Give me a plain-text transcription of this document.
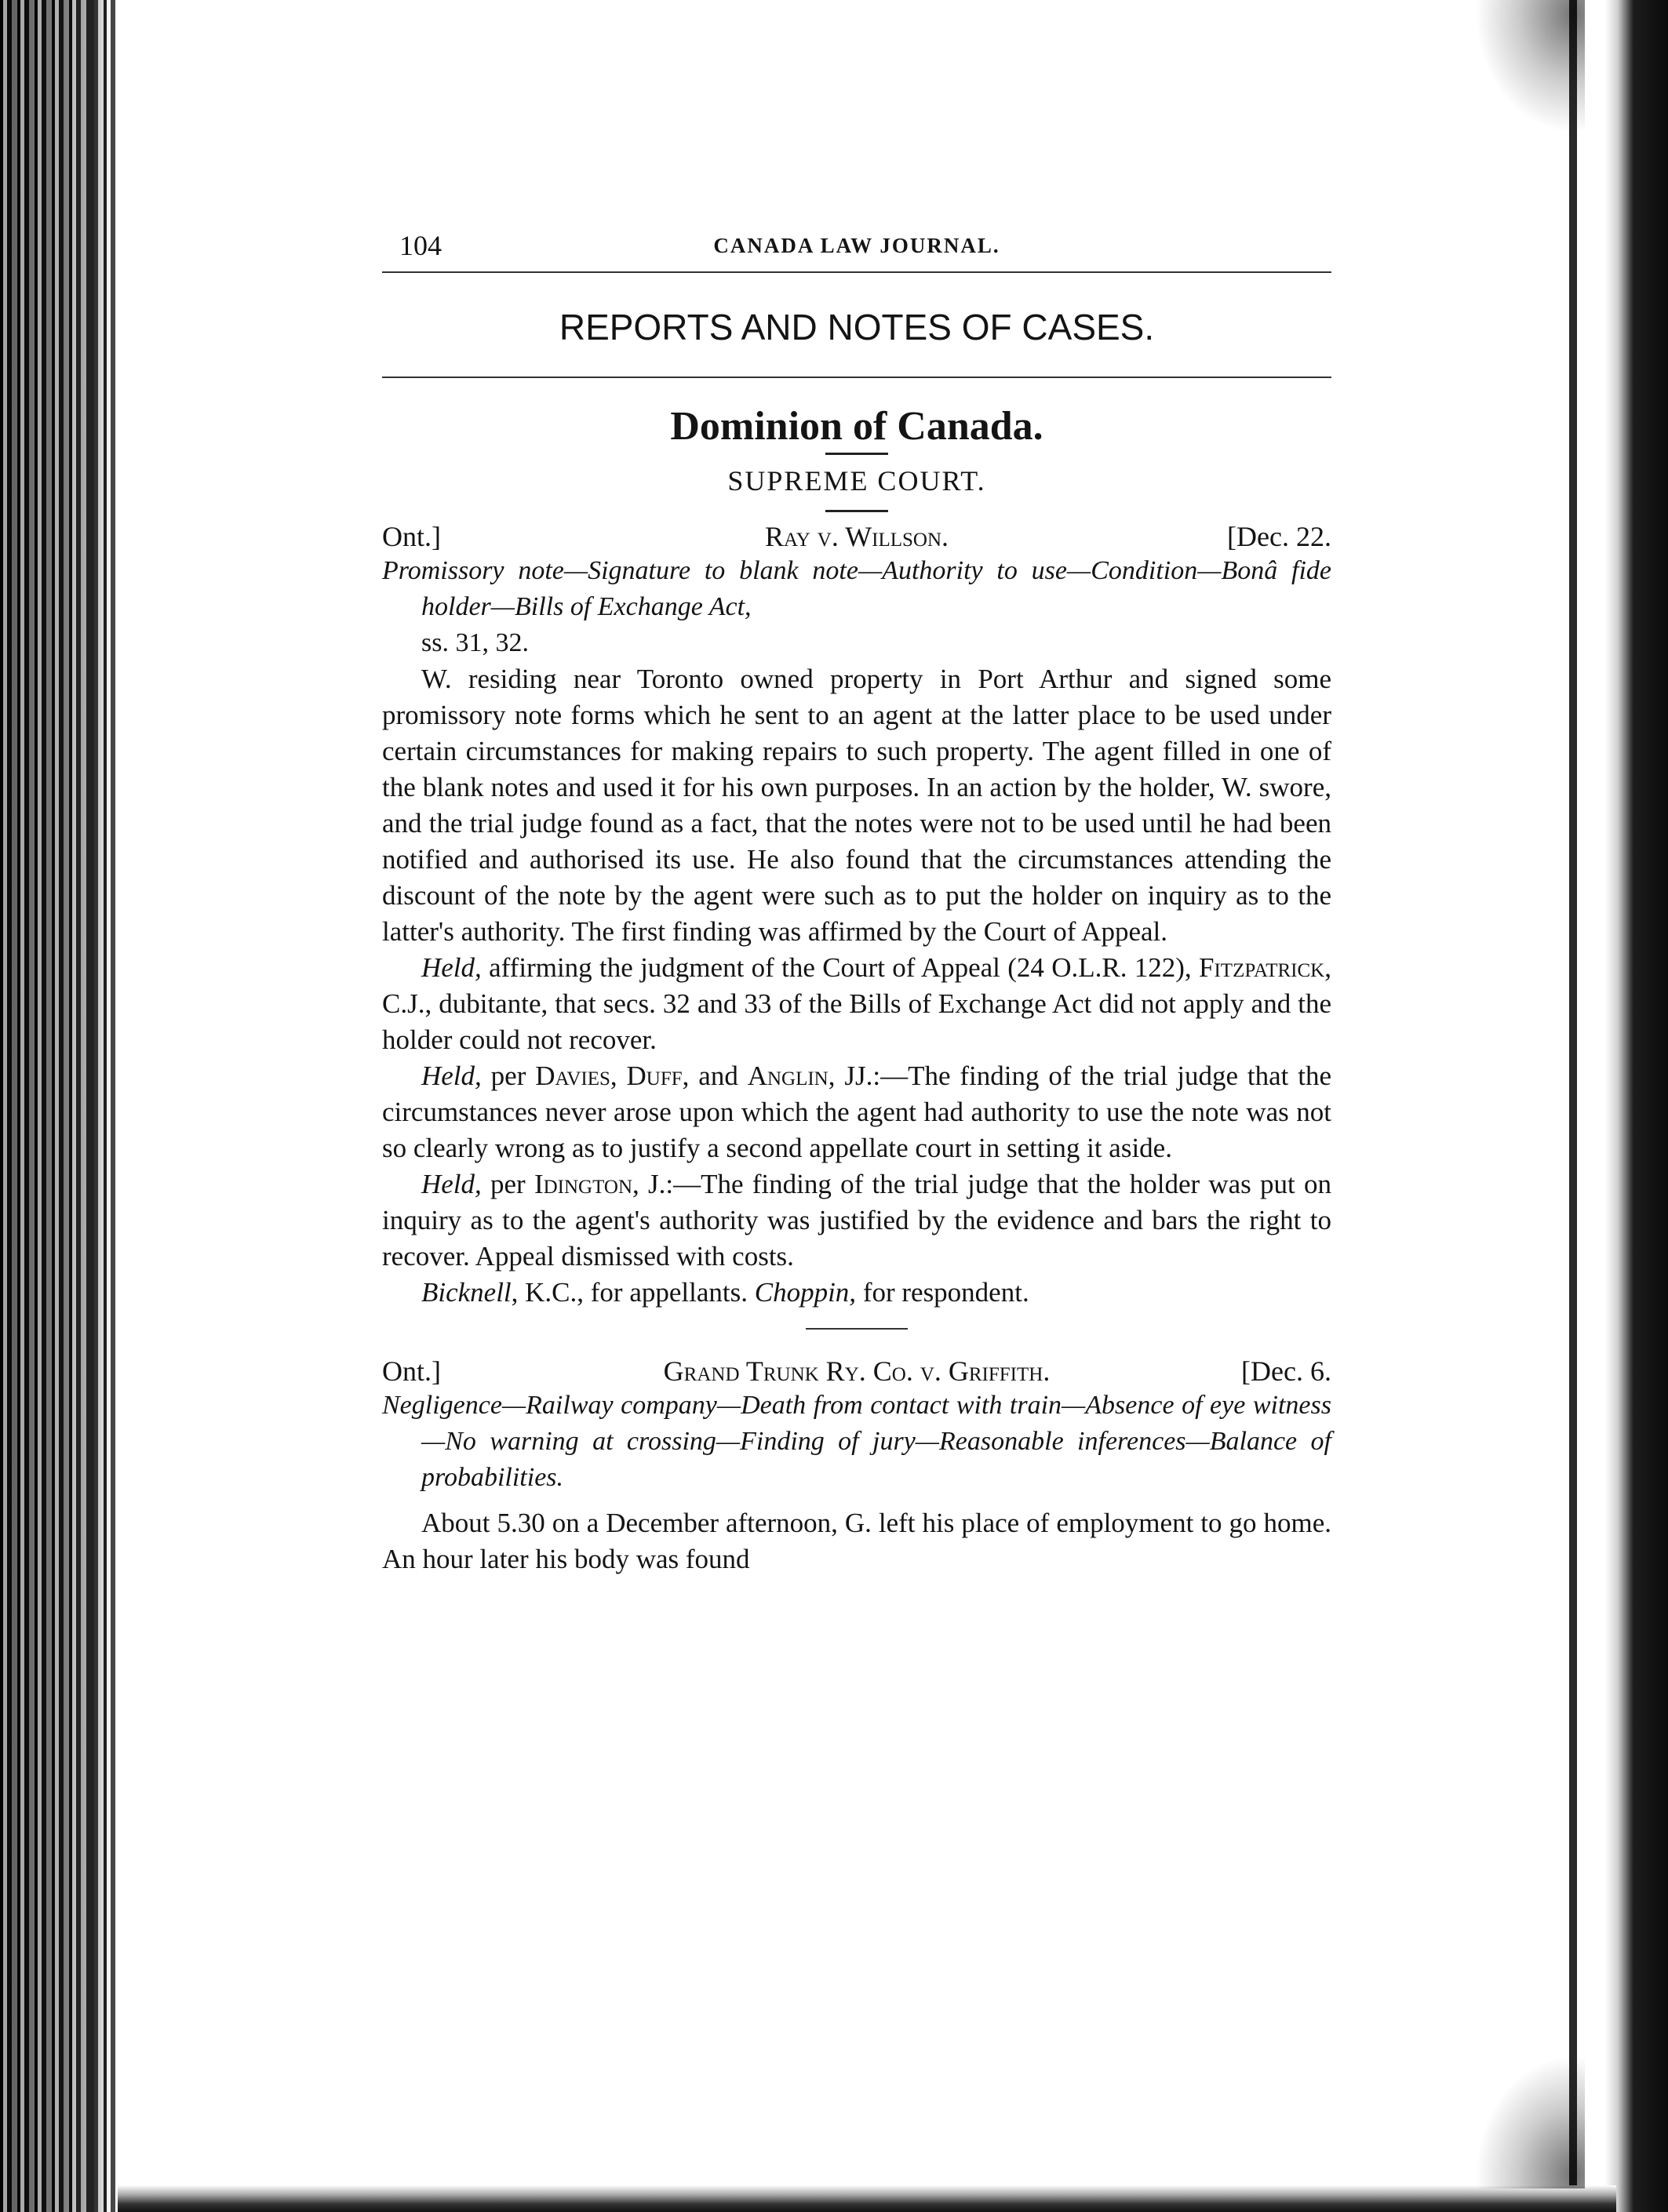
104	CANADA LAW JOURNAL.
REPORTS AND NOTES OF CASES.
Dominion of Canada.
SUPREME COURT.
Ont.]	Ray v. Willson.	[Dec. 22.

Promissory note—Signature to blank note—Authority to use—Condition—Bonâ fide holder—Bills of Exchange Act,
ss. 31, 32.

W. residing near Toronto owned property in Port Arthur and signed some promissory note forms which he sent to an agent at the latter place to be used under certain circumstances for making repairs to such property. The agent filled in one of the blank notes and used it for his own purposes. In an action by the holder, W. swore, and the trial judge found as a fact, that the notes were not to be used until he had been notified and authorised its use. He also found that the circumstances attending the discount of the note by the agent were such as to put the holder on inquiry as to the latter's authority. The first finding was affirmed by the Court of Appeal.

Held, affirming the judgment of the Court of Appeal (24 O.L.R. 122), Fitzpatrick, C.J., dubitante, that secs. 32 and 33 of the Bills of Exchange Act did not apply and the holder could not recover.

Held, per Davies, Duff, and Anglin, JJ.:—The finding of the trial judge that the circumstances never arose upon which the agent had authority to use the note was not so clearly wrong as to justify a second appellate court in setting it aside.

Held, per Idington, J.:—The finding of the trial judge that the holder was put on inquiry as to the agent's authority was justified by the evidence and bars the right to recover. Appeal dismissed with costs.

Bicknell, K.C., for appellants. Choppin, for respondent.

Ont.]	Grand Trunk Ry. Co. v. Griffith.	[Dec. 6.

Negligence—Railway company—Death from contact with train—Absence of eye witness—No warning at crossing—Finding of jury—Reasonable inferences—Balance of probabilities.

About 5.30 on a December afternoon, G. left his place of employment to go home. An hour later his body was found
